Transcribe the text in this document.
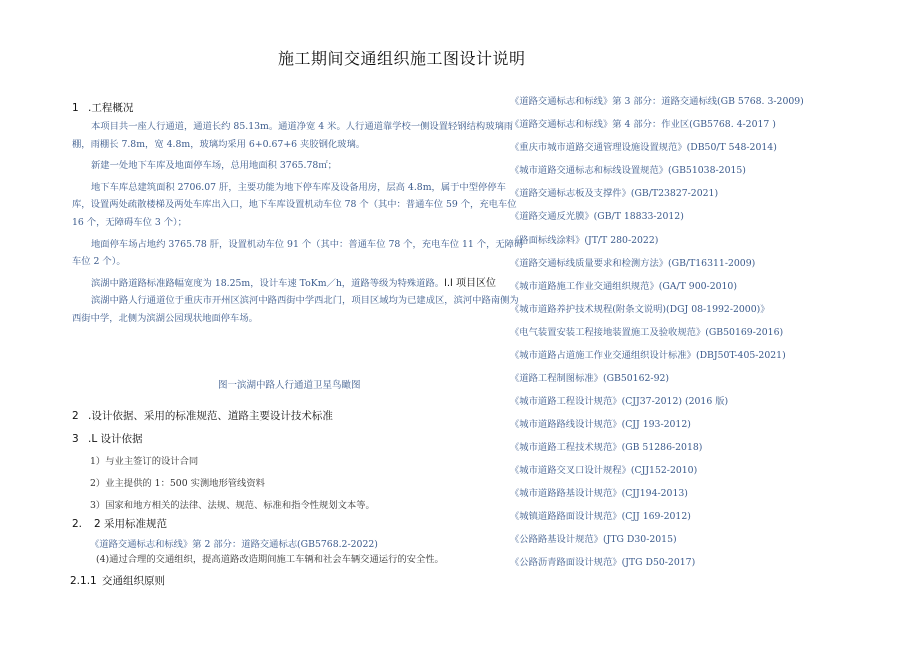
施工期间交通组织施工图设计说明
1 .工程概况

本项目共一座人行通道，通道长约 85.13m。通道净宽 4 米。人行通道靠学校一侧设置轻钢结构玻璃雨棚，雨棚长 7.8m，宽 4.8m，玻璃均采用 6+0.67+6 夹胶钢化玻璃。

新建一处地下车库及地面停车场，总用地面积 3765.78㎡；

地下车库总建筑面积 2706.07 肝，主要功能为地下停车库及设备用房，层高 4.8m，属于中型停停车库，设置两处疏散楼梯及两处车库出入口，地下车库设置机动车位 78 个（其中：普通车位 59 个，充电车位 16 个，无障碍车位 3 个）；

地面停车场占地约 3765.78 肝，设置机动车位 91 个（其中：普通车位 78 个，充电车位 11 个，无障碍车位 2 个）。

滨湖中路道路标准路幅宽度为 18.25m，设计车速 ToKm／h，道路等级为特殊道路。l.l 项目区位

滨湖中路人行通道位于重庆市开州区滨河中路西街中学西北门，项目区域均为已建成区，滨河中路南侧为西街中学，北侧为滨湖公园现状地面停车场。

图一滨湖中路人行通道卫星鸟瞰图
2 .设计依据、采用的标准规范、道路主要设计技术标准
3 .L 设计依据

1）与业主签订的设计合同

2）业主提供的 1：500 实测地形管线资料

3）国家和地方相关的法律、法规、规范、标准和指令性规划文本等。

2. 2 采用标准规范
《道路交通标志和标线》第 2 部分：道路交通标志(GB5768.2-2022)
(4)通过合理的交通组织，提高道路改造期间施工车辆和社会车辆交通运行的安全性。
2.1.1 交通组织原则
《道路交通标志和标线》第 3 部分：道路交通标线(GB 5768. 3-2009)
《道路交通标志和标线》第 4 部分：作业区(GB5768. 4-2017 )
《重庆市城市道路交通管理设施设置规范》(DB50/T 548-2014)
《城市道路交通标志和标线设置规范》(GB51038-2015)
《道路交通标志板及支撑件》(GB/T23827-2021)
《道路交通反光膜》(GB/T 18833-2012)
《路面标线涂料》(JT/T 280-2022)
《道路交通标线质量要求和检测方法》(GB/T16311-2009)
《城市道路施工作业交通组织规范》(GA/T 900-2010)
《城市道路养护技术规程(附条文说明)(DGJ 08-1992-2000)》
《电气装置安装工程接地装置施工及验收规范》(GB50169-2016)
《城市道路占道施工作业交通组织设计标准》(DBJ50T-405-2021)
《道路工程制图标准》(GB50162-92)
《城市道路工程设计规范》(CJJ37-2012) (2016 版)
《城市道路路线设计规范》(CJJ 193-2012)
《城市道路工程技术规范》(GB 51286-2018)
《城市道路交叉口设计规程》(CJJ152-2010)
《城市道路路基设计规范》(CJJ194-2013)
《城镇道路路面设计规范》(CJJ 169-2012)
《公路路基设计规范》(JTG D30-2015)
《公路沥青路面设计规范》(JTG D50-2017)
